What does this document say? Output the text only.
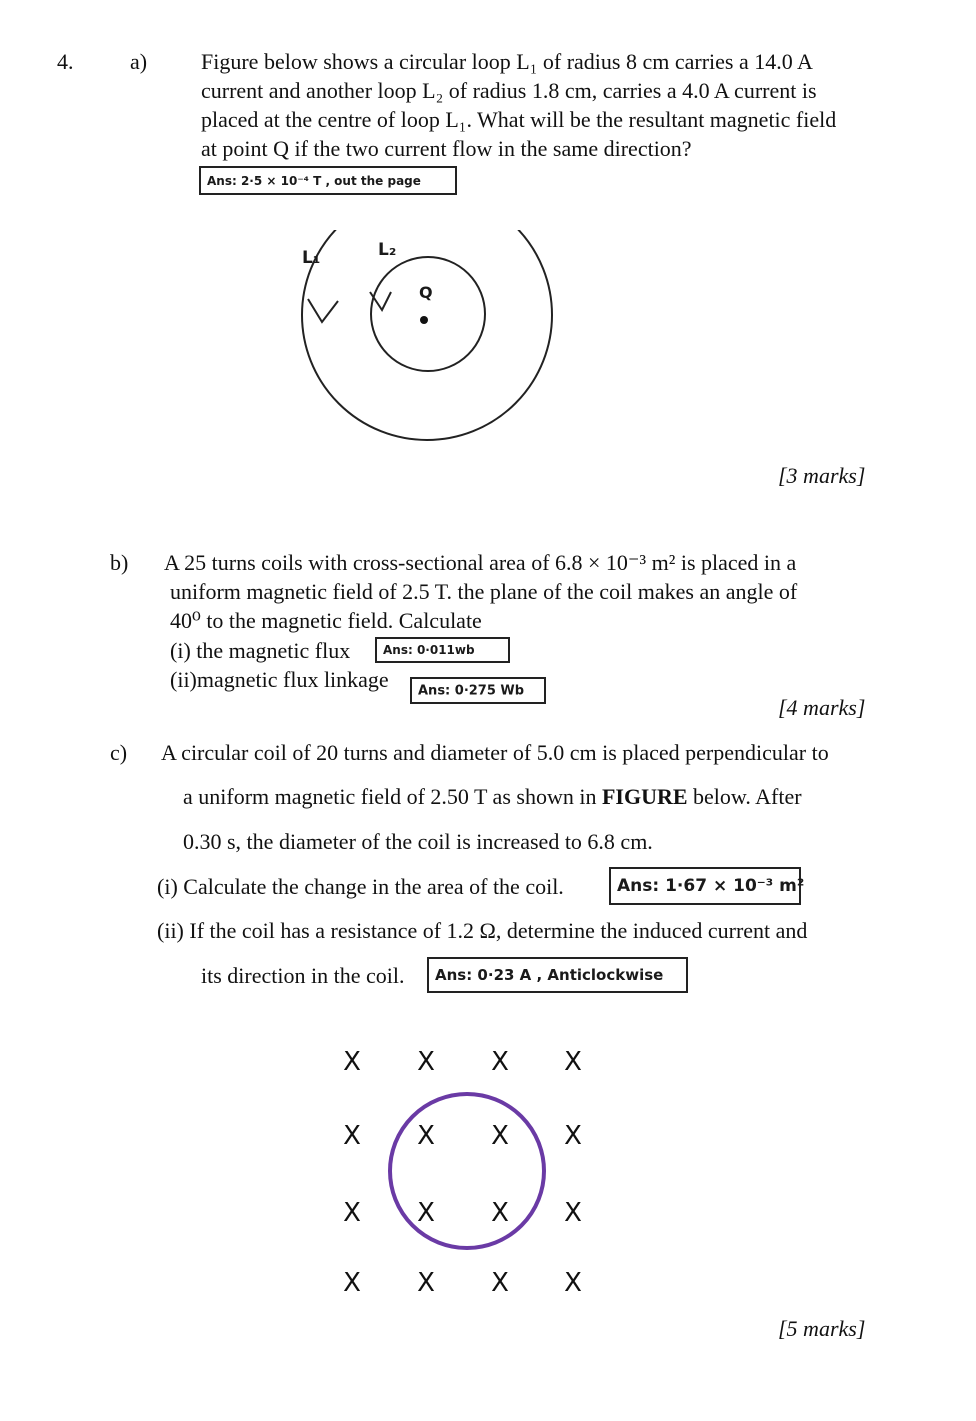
4.	a) Figure below shows a circular loop L₁ of radius 8 cm carries a 14.0 A
current and another loop L₂ of radius 1.8 cm, carries a 4.0 A current is
placed at the centre of loop L₁. What will be the resultant magnetic field
at point Q if the two current flow in the same direction?
Ans: 2·5 × 10⁻⁴ T , out the page
L₁	L₂
Q
[3 marks]
b) A 25 turns coils with cross-sectional area of 6.8 × 10⁻³ m² is placed in a
uniform magnetic field of 2.5 T. the plane of the coil makes an angle of
40⁰ to the magnetic field. Calculate
(i) the magnetic flux	Ans: 0·011wb
(ii)magnetic flux linkage Ans: 0·275 Wb
[4 marks]
c) A circular coil of 20 turns and diameter of 5.0 cm is placed perpendicular to
a uniform magnetic field of 2.50 T as shown in FIGURE below. After
0.30 s, the diameter of the coil is increased to 6.8 cm.
(i) Calculate the change in the area of the coil.	Ans: 1·67 × 10⁻³ m²
(ii) If the coil has a resistance of 1.2 Ω, determine the induced current and
its direction in the coil. Ans: 0·23 A , Anticlockwise
X X X X
X X X X
X X X X
X X X X
[5 marks]
